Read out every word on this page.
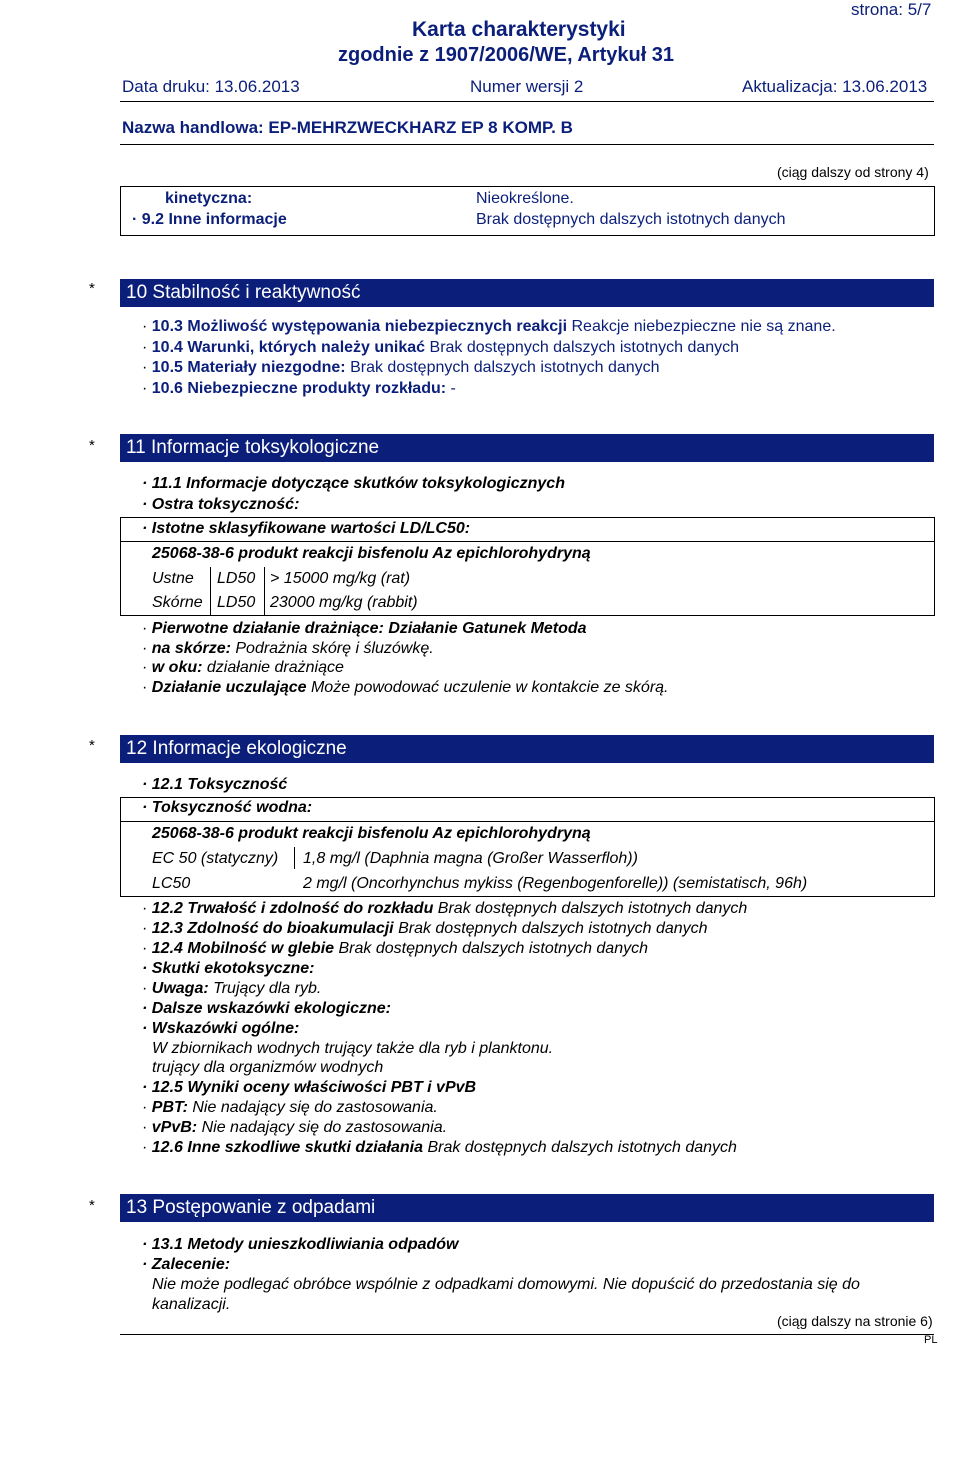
strona: 5/7
Karta charakterystyki
zgodnie z 1907/2006/WE, Artykuł 31
Data druku: 13.06.2013	Numer wersji 2	Aktualizacja: 13.06.2013
Nazwa handlowa: EP-MEHRZWECKHARZ EP 8 KOMP. B
(ciąg dalszy od strony 4)
kinetyczna:	Nieokreślone.
· 9.2 Inne informacje	Brak dostępnych dalszych istotnych danych
*	10 Stabilność i reaktywność
· 10.3 Możliwość występowania niebezpiecznych reakcji Reakcje niebezpieczne nie są znane.
· 10.4 Warunki, których należy unikać Brak dostępnych dalszych istotnych danych
· 10.5 Materiały niezgodne: Brak dostępnych dalszych istotnych danych
· 10.6 Niebezpieczne produkty rozkładu: -
*	11 Informacje toksykologiczne
· 11.1 Informacje dotyczące skutków toksykologicznych
· Ostra toksyczność:
· Istotne sklasyfikowane wartości LD/LC50:
25068-38-6 produkt reakcji bisfenolu Az epichlorohydryną
Ustne LD50 > 15000 mg/kg (rat)
Skórne LD50 23000 mg/kg (rabbit)
· Pierwotne działanie drażniące: Działanie Gatunek Metoda
· na skórze: Podrażnia skórę i śluzówkę.
· w oku: działanie drażniące
· Działanie uczulające Może powodować uczulenie w kontakcie ze skórą.
*	12 Informacje ekologiczne
· 12.1 Toksyczność
· Toksyczność wodna:
25068-38-6 produkt reakcji bisfenolu Az epichlorohydryną
EC 50 (statyczny) 1,8 mg/l (Daphnia magna (Großer Wasserfloh))
LC50	2 mg/l (Oncorhynchus mykiss (Regenbogenforelle)) (semistatisch, 96h)
· 12.2 Trwałość i zdolność do rozkładu Brak dostępnych dalszych istotnych danych
· 12.3 Zdolność do bioakumulacji Brak dostępnych dalszych istotnych danych
· 12.4 Mobilność w glebie Brak dostępnych dalszych istotnych danych
· Skutki ekotoksyczne:
· Uwaga: Trujący dla ryb.
· Dalsze wskazówki ekologiczne:
· Wskazówki ogólne:
W zbiornikach wodnych trujący także dla ryb i planktonu.
trujący dla organizmów wodnych
· 12.5 Wyniki oceny właściwości PBT i vPvB
· PBT: Nie nadający się do zastosowania.
· vPvB: Nie nadający się do zastosowania.
· 12.6 Inne szkodliwe skutki działania Brak dostępnych dalszych istotnych danych
*	13 Postępowanie z odpadami
· 13.1 Metody unieszkodliwiania odpadów
· Zalecenie:
Nie może podlegać obróbce wspólnie z odpadkami domowymi. Nie dopuścić do przedostania się do
kanalizacji.
(ciąg dalszy na stronie 6)
PL
